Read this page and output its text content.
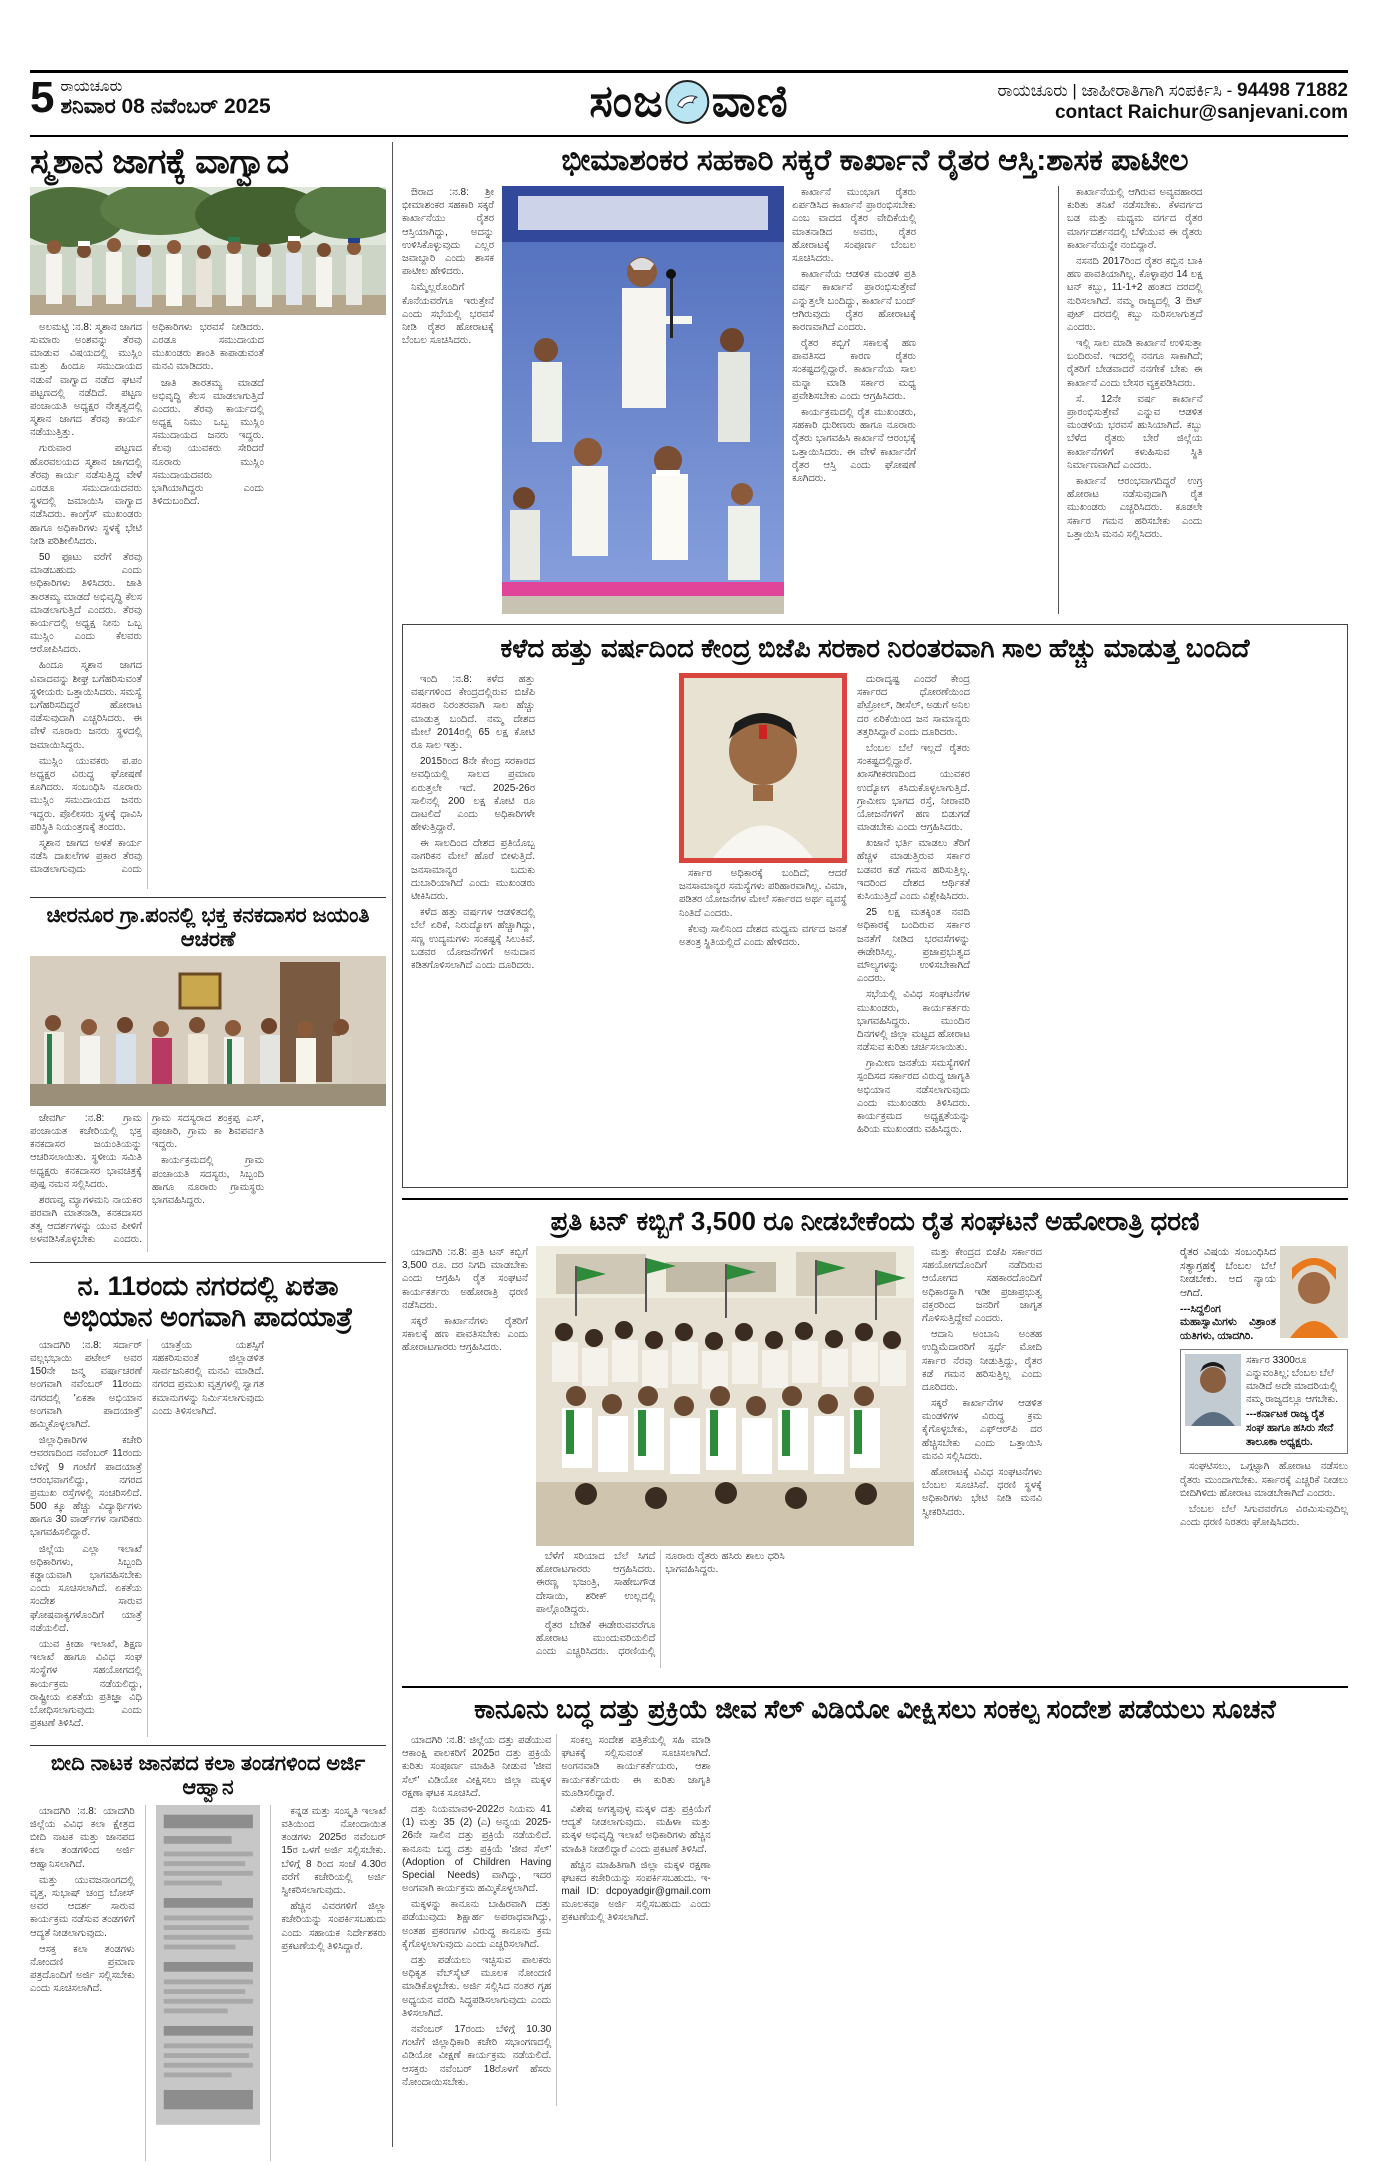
5 ರಾಯಚೂರು
ಶನಿವಾರ 08 ನವೆಂಬರ್ 2025	ಸಂಜ ವಾಣಿ	ರಾಯಚೂರು | ಜಾಹೀರಾತಿಗಾಗಿ ಸಂಪರ್ಕಿಸಿ - 94498 71882
contact Raichur@sanjevani.com
ಸ್ಮಶಾನ ಜಾಗಕ್ಕೆ ವಾಗ್ವಾದ

ಅಲಮಟ್ಟಿ :ನ.8: ಸ್ಮಶಾನ ಜಾಗದ ಸುಮಾರು ಅಂಶವನ್ನು ತೆರವು ಮಾಡುವ ವಿಷಯದಲ್ಲಿ ಮುಸ್ಲಿಂ ಮತ್ತು ಹಿಂದೂ ಸಮುದಾಯದ ನಡುವೆ ವಾಗ್ವಾದ ನಡೆದ ಘಟನೆ ಪಟ್ಟಣದಲ್ಲಿ ನಡೆದಿದೆ. ಪಟ್ಟಣ ಪಂಚಾಯತಿ ಅಧ್ಯಕ್ಷರ ನೇತೃತ್ವದಲ್ಲಿ ಸ್ಮಶಾನ ಜಾಗದ ತೆರವು ಕಾರ್ಯ ನಡೆಯುತ್ತಿತ್ತು.

ಗುರುವಾರ ಪಟ್ಟಣದ ಹೊರವಲಯದ ಸ್ಮಶಾನ ಜಾಗದಲ್ಲಿ ತೆರವು ಕಾರ್ಯ ನಡೆಸುತ್ತಿದ್ದ ವೇಳೆ ಎರಡೂ ಸಮುದಾಯದವರು ಸ್ಥಳದಲ್ಲಿ ಜಮಾಯಿಸಿ ವಾಗ್ವಾದ ನಡೆಸಿದರು. ಕಾಂಗ್ರೆಸ್ ಮುಖಂಡರು ಹಾಗೂ ಅಧಿಕಾರಿಗಳು ಸ್ಥಳಕ್ಕೆ ಭೇಟಿ ನೀಡಿ ಪರಿಶೀಲಿಸಿದರು.

50 ಫೂಟು ವರೆಗೆ ತೆರವು ಮಾಡಬಹುದು ಎಂದು ಅಧಿಕಾರಿಗಳು ತಿಳಿಸಿದರು. ಜಾತಿ ತಾರತಮ್ಯ ಮಾಡದೆ ಅಭಿವೃದ್ಧಿ ಕೆಲಸ ಮಾಡಲಾಗುತ್ತಿದೆ ಎಂದರು. ತೆರವು ಕಾರ್ಯದಲ್ಲಿ ಅಧ್ಯಕ್ಷ ನೀನು ಒಬ್ಬ ಮುಸ್ಲಿಂ ಎಂದು ಕೆಲವರು ಆರೋಪಿಸಿದರು.

ಹಿಂದೂ ಸ್ಮಶಾನ ಜಾಗದ ವಿವಾದವನ್ನು ಶೀಘ್ರ ಬಗೆಹರಿಸುವಂತೆ ಸ್ಥಳೀಯರು ಒತ್ತಾಯಿಸಿದರು. ಸಮಸ್ಯೆ ಬಗೆಹರಿಸದಿದ್ದರೆ ಹೋರಾಟ ನಡೆಸುವುದಾಗಿ ಎಚ್ಚರಿಸಿದರು. ಈ ವೇಳೆ ನೂರಾರು ಜನರು ಸ್ಥಳದಲ್ಲಿ ಜಮಾಯಿಸಿದ್ದರು.

ಮುಸ್ಲಿಂ ಯುವಕರು ಪ.ಪಂ ಅಧ್ಯಕ್ಷರ ವಿರುದ್ಧ ಘೋಷಣೆ ಕೂಗಿದರು. ಸಂಬಂಧಿಸಿ ನೂರಾರು ಮುಸ್ಲಿಂ ಸಮುದಾಯದ ಜನರು ಇದ್ದರು. ಪೊಲೀಸರು ಸ್ಥಳಕ್ಕೆ ಧಾವಿಸಿ ಪರಿಸ್ಥಿತಿ ನಿಯಂತ್ರಣಕ್ಕೆ ತಂದರು.

ಸ್ಮಶಾನ ಜಾಗದ ಅಳತೆ ಕಾರ್ಯ ನಡೆಸಿ ದಾಖಲೆಗಳ ಪ್ರಕಾರ ತೆರವು ಮಾಡಲಾಗುವುದು ಎಂದು ಅಧಿಕಾರಿಗಳು ಭರವಸೆ ನೀಡಿದರು. ಎರಡೂ ಸಮುದಾಯದ ಮುಖಂಡರು ಶಾಂತಿ ಕಾಪಾಡುವಂತೆ ಮನವಿ ಮಾಡಿದರು.

ಜಾತಿ ತಾರತಮ್ಯ ಮಾಡದೆ ಅಭಿವೃದ್ಧಿ ಕೆಲಸ ಮಾಡಲಾಗುತ್ತಿದೆ ಎಂದರು. ತೆರವು ಕಾರ್ಯದಲ್ಲಿ ಅಧ್ಯಕ್ಷ ನಿಮು ಒಬ್ಬ ಮುಸ್ಲಿಂ ಸಮುದಾಯದ ಜನರು ಇದ್ದರು. ಕೆಲವು ಯುವಕರು ಸೇರಿದರೆ ನೂರಾರು ಮುಸ್ಲಿಂ ಸಮುದಾಯದವರು ಭಾಗಿಯಾಗಿದ್ದರು ಎಂದು ತಿಳಿದುಬಂದಿದೆ.

ಚೀರನೂರ ಗ್ರಾ.ಪಂನಲ್ಲಿ ಭಕ್ತ ಕನಕದಾಸರ ಜಯಂತಿ ಆಚರಣೆ

ಜೇವರ್ಗಿ :ನ.8: ಗ್ರಾಮ ಪಂಚಾಯತ ಕಚೇರಿಯಲ್ಲಿ ಭಕ್ತ ಕನಕದಾಸರ ಜಯಂತಿಯನ್ನು ಆಚರಿಸಲಾಯಿತು. ಸ್ಥಳೀಯ ಸಮಿತಿ ಅಧ್ಯಕ್ಷರು ಕನಕದಾಸರ ಭಾವಚಿತ್ರಕ್ಕೆ ಪುಷ್ಪ ನಮನ ಸಲ್ಲಿಸಿದರು.

ಶರಣವ್ವ ಮ್ಯಾಗಳಮನಿ ನಾಯಕರ ಪರವಾಗಿ ಮಾತನಾಡಿ, ಕನಕದಾಸರ ತತ್ವ ಆದರ್ಶಗಳನ್ನು ಯುವ ಪೀಳಿಗೆ ಅಳವಡಿಸಿಕೊಳ್ಳಬೇಕು ಎಂದರು. ಗ್ರಾಮ ಸದಸ್ಯರಾದ ಶಂಕ್ರಪ್ಪ ಎಸ್, ಪೂಜಾರಿ, ಗ್ರಾಮ ಕಾ ಶಿವಪರ್ವತಿ ಇದ್ದರು.

ಕಾರ್ಯಕ್ರಮದಲ್ಲಿ ಗ್ರಾಮ ಪಂಚಾಯತಿ ಸದಸ್ಯರು, ಸಿಬ್ಬಂದಿ ಹಾಗೂ ನೂರಾರು ಗ್ರಾಮಸ್ಥರು ಭಾಗವಹಿಸಿದ್ದರು.

ನ. 11ರಂದು ನಗರದಲ್ಲಿ ಏಕತಾ ಅಭಿಯಾನ ಅಂಗವಾಗಿ ಪಾದಯಾತ್ರೆ

ಯಾದಗಿರಿ :ನ.8: ಸರ್ದಾರ್ ವಲ್ಲಭಭಾಯಿ ಪಟೇಲ್ ಅವರ 150ನೇ ಜನ್ಮ ವರ್ಷಾಚರಣೆ ಅಂಗವಾಗಿ ನವೆಂಬರ್ 11ರಂದು ನಗರದಲ್ಲಿ 'ಏಕತಾ ಅಭಿಯಾನ ಅಂಗವಾಗಿ ಪಾದಯಾತ್ರೆ' ಹಮ್ಮಿಕೊಳ್ಳಲಾಗಿದೆ.

ಜಿಲ್ಲಾಧಿಕಾರಿಗಳ ಕಚೇರಿ ಆವರಣದಿಂದ ನವೆಂಬರ್ 11ರಂದು ಬೆಳಿಗ್ಗೆ 9 ಗಂಟೆಗೆ ಪಾದಯಾತ್ರೆ ಆರಂಭವಾಗಲಿದ್ದು, ನಗರದ ಪ್ರಮುಖ ರಸ್ತೆಗಳಲ್ಲಿ ಸಂಚರಿಸಲಿದೆ. 500 ಕ್ಕೂ ಹೆಚ್ಚು ವಿದ್ಯಾರ್ಥಿಗಳು ಹಾಗೂ 30 ವಾರ್ಡ್‌ಗಳ ನಾಗರಿಕರು ಭಾಗವಹಿಸಲಿದ್ದಾರೆ.

ಜಿಲ್ಲೆಯ ಎಲ್ಲಾ ಇಲಾಖೆ ಅಧಿಕಾರಿಗಳು, ಸಿಬ್ಬಂದಿ ಕಡ್ಡಾಯವಾಗಿ ಭಾಗವಹಿಸಬೇಕು ಎಂದು ಸೂಚಿಸಲಾಗಿದೆ. ಏಕತೆಯ ಸಂದೇಶ ಸಾರುವ ಘೋಷವಾಕ್ಯಗಳೊಂದಿಗೆ ಯಾತ್ರೆ ನಡೆಯಲಿದೆ.

ಯುವ ಕ್ರೀಡಾ ಇಲಾಖೆ, ಶಿಕ್ಷಣ ಇಲಾಖೆ ಹಾಗೂ ವಿವಿಧ ಸಂಘ ಸಂಸ್ಥೆಗಳ ಸಹಯೋಗದಲ್ಲಿ ಕಾರ್ಯಕ್ರಮ ನಡೆಯಲಿದ್ದು, ರಾಷ್ಟ್ರೀಯ ಏಕತೆಯ ಪ್ರತಿಜ್ಞಾ ವಿಧಿ ಬೋಧಿಸಲಾಗುವುದು ಎಂದು ಪ್ರಕಟಣೆ ತಿಳಿಸಿದೆ.

ಯಾತ್ರೆಯ ಯಶಸ್ಸಿಗೆ ಸಹಕರಿಸುವಂತೆ ಜಿಲ್ಲಾಡಳಿತ ಸಾರ್ವಜನಿಕರಲ್ಲಿ ಮನವಿ ಮಾಡಿದೆ. ನಗರದ ಪ್ರಮುಖ ವೃತ್ತಗಳಲ್ಲಿ ಸ್ವಾಗತ ಕಮಾನುಗಳನ್ನು ನಿರ್ಮಿಸಲಾಗುವುದು ಎಂದು ತಿಳಿಸಲಾಗಿದೆ.

ಬೀದಿ ನಾಟಕ ಜಾನಪದ ಕಲಾ ತಂಡಗಳಿಂದ ಅರ್ಜಿ ಆಹ್ವಾನ

ಯಾದಗಿರಿ :ನ.8: ಯಾದಗಿರಿ ಜಿಲ್ಲೆಯ ವಿವಿಧ ಕಲಾ ಕ್ಷೇತ್ರದ ಬೀದಿ ನಾಟಕ ಮತ್ತು ಜಾನಪದ ಕಲಾ ತಂಡಗಳಿಂದ ಅರ್ಜಿ ಆಹ್ವಾನಿಸಲಾಗಿದೆ.

ಮತ್ತು ಯುವಜನಾಂಗದಲ್ಲಿ ವೃತ್ತ, ಸುಭಾಷ್ ಚಂದ್ರ ಬೋಸ್ ಅವರ ಆದರ್ಶ ಸಾರುವ ಕಾರ್ಯಕ್ರಮ ನಡೆಸುವ ತಂಡಗಳಿಗೆ ಆದ್ಯತೆ ನೀಡಲಾಗುವುದು.

ಆಸಕ್ತ ಕಲಾ ತಂಡಗಳು ನೋಂದಣಿ ಪ್ರಮಾಣ ಪತ್ರದೊಂದಿಗೆ ಅರ್ಜಿ ಸಲ್ಲಿಸಬೇಕು ಎಂದು ಸೂಚಿಸಲಾಗಿದೆ.

ಕನ್ನಡ ಮತ್ತು ಸಂಸ್ಕೃತಿ ಇಲಾಖೆ ವತಿಯಿಂದ ನೋಂದಾಯಿತ ತಂಡಗಳು 2025ರ ನವೆಂಬರ್ 15ರ ಒಳಗೆ ಅರ್ಜಿ ಸಲ್ಲಿಸಬೇಕು. ಬೆಳಿಗ್ಗೆ 8 ರಿಂದ ಸಂಜೆ 4.30ರ ವರೆಗೆ ಕಚೇರಿಯಲ್ಲಿ ಅರ್ಜಿ ಸ್ವೀಕರಿಸಲಾಗುವುದು.

ಹೆಚ್ಚಿನ ವಿವರಗಳಿಗೆ ಜಿಲ್ಲಾ ಕಚೇರಿಯನ್ನು ಸಂಪರ್ಕಿಸಬಹುದು ಎಂದು ಸಹಾಯಕ ನಿರ್ದೇಶಕರು ಪ್ರಕಟಣೆಯಲ್ಲಿ ತಿಳಿಸಿದ್ದಾರೆ.

ಭೀಮಾಶಂಕರ ಸಹಕಾರಿ ಸಕ್ಕರೆ ಕಾರ್ಖಾನೆ ರೈತರ ಆಸ್ತಿ:ಶಾಸಕ ಪಾಟೀಲ

ಔರಾದ :ನ.8: ಶ್ರೀ ಭೀಮಾಶಂಕರ ಸಹಕಾರಿ ಸಕ್ಕರೆ ಕಾರ್ಖಾನೆಯು ರೈತರ ಆಸ್ತಿಯಾಗಿದ್ದು, ಅದನ್ನು ಉಳಿಸಿಕೊಳ್ಳುವುದು ಎಲ್ಲರ ಜವಾಬ್ದಾರಿ ಎಂದು ಶಾಸಕ ಪಾಟೀಲ ಹೇಳಿದರು.

ನಿಮ್ಮೆಲ್ಲರೊಂದಿಗೆ ಕೊನೆಯವರೆಗೂ ಇರುತ್ತೇನೆ ಎಂದು ಸಭೆಯಲ್ಲಿ ಭರವಸೆ ನೀಡಿ ರೈತರ ಹೋರಾಟಕ್ಕೆ ಬೆಂಬಲ ಸೂಚಿಸಿದರು.

ಕಾರ್ಖಾನೆ ಮುಂಭಾಗ ರೈತರು ಏರ್ಪಡಿಸಿದ ಕಾರ್ಖಾನೆ ಪ್ರಾರಂಭಿಸಬೇಕು ಎಂಬ ವಾದದ ರೈತರ ವೇದಿಕೆಯಲ್ಲಿ ಮಾತನಾಡಿದ ಅವರು, ರೈತರ ಹೋರಾಟಕ್ಕೆ ಸಂಪೂರ್ಣ ಬೆಂಬಲ ಸೂಚಿಸಿದರು.

ಕಾರ್ಖಾನೆಯ ಆಡಳಿತ ಮಂಡಳಿ ಪ್ರತಿ ವರ್ಷ ಕಾರ್ಖಾನೆ ಪ್ರಾರಂಭಿಸುತ್ತೇವೆ ಎನ್ನುತ್ತಲೇ ಬಂದಿದ್ದು, ಕಾರ್ಖಾನೆ ಬಂದ್ ಆಗಿರುವುದು ರೈತರ ಹೋರಾಟಕ್ಕೆ ಕಾರಣವಾಗಿದೆ ಎಂದರು.

ರೈತರ ಕಬ್ಬಿಗೆ ಸಕಾಲಕ್ಕೆ ಹಣ ಪಾವತಿಸದ ಕಾರಣ ರೈತರು ಸಂಕಷ್ಟದಲ್ಲಿದ್ದಾರೆ. ಕಾರ್ಖಾನೆಯ ಸಾಲ ಮನ್ನಾ ಮಾಡಿ ಸರ್ಕಾರ ಮಧ್ಯ ಪ್ರವೇಶಿಸಬೇಕು ಎಂದು ಆಗ್ರಹಿಸಿದರು.

ಕಾರ್ಯಕ್ರಮದಲ್ಲಿ ರೈತ ಮುಖಂಡರು, ಸಹಕಾರಿ ಧುರೀಣರು ಹಾಗೂ ನೂರಾರು ರೈತರು ಭಾಗವಹಿಸಿ ಕಾರ್ಖಾನೆ ಆರಂಭಕ್ಕೆ ಒತ್ತಾಯಿಸಿದರು. ಈ ವೇಳೆ ಕಾರ್ಖಾನೆಗೆ ರೈತರ ಆಸ್ತಿ ಎಂದು ಘೋಷಣೆ ಕೂಗಿದರು.

ಕಾರ್ಖಾನೆಯಲ್ಲಿ ಆಗಿರುವ ಅವ್ಯವಹಾರದ ಕುರಿತು ತನಿಖೆ ನಡೆಸಬೇಕು. ಕೆಳವರ್ಗದ ಬಡ ಮತ್ತು ಮಧ್ಯಮ ವರ್ಗದ ರೈತರ ಮಾರ್ಗದರ್ಶನದಲ್ಲಿ ಬೆಳೆಯುವ ಈ ರೈತರು ಕಾರ್ಖಾನೆಯನ್ನೇ ನಂಬಿದ್ದಾರೆ.

ನಸನದಿ 2017ರಿಂದ ರೈತರ ಕಬ್ಬಿನ ಬಾಕಿ ಹಣ ಪಾವತಿಯಾಗಿಲ್ಲ. ಕೊಳ್ಳಾಪುರ 14 ಲಕ್ಷ ಟನ್ ಕಬ್ಬು, 11-1+2 ಹಂತದ ದರದಲ್ಲಿ ನುರಿಸಲಾಗಿದೆ. ನಮ್ಮ ರಾಜ್ಯದಲ್ಲಿ 3 ಔಟ್ ಪುಟ್ ದರದಲ್ಲಿ ಕಬ್ಬು ನುರಿಸಲಾಗುತ್ತದೆ ಎಂದರು.

ಇಲ್ಲಿ ಸಾಲ ಮಾಡಿ ಕಾರ್ಖಾನೆ ಉಳಿಸುತ್ತಾ ಬಂದಿರುವೆ. ಇದರಲ್ಲಿ ನನಗೂ ಸಾಕಾಗಿದೆ; ರೈತರಿಗೆ ಬೇಡವಾದರೆ ನನಗೇಕೆ ಬೇಕು ಈ ಕಾರ್ಖಾನೆ ಎಂದು ಬೇಸರ ವ್ಯಕ್ತಪಡಿಸಿದರು.

ಸೆ. 12ನೇ ವರ್ಷ ಕಾರ್ಖಾನೆ ಪ್ರಾರಂಭಿಸುತ್ತೇವೆ ಎನ್ನುವ ಆಡಳಿತ ಮಂಡಳಿಯ ಭರವಸೆ ಹುಸಿಯಾಗಿದೆ. ಕಬ್ಬು ಬೆಳೆದ ರೈತರು ಬೇರೆ ಜಿಲ್ಲೆಯ ಕಾರ್ಖಾನೆಗಳಿಗೆ ಕಳುಹಿಸುವ ಸ್ಥಿತಿ ನಿರ್ಮಾಣವಾಗಿದೆ ಎಂದರು.

ಕಾರ್ಖಾನೆ ಆರಂಭವಾಗದಿದ್ದರೆ ಉಗ್ರ ಹೋರಾಟ ನಡೆಸುವುದಾಗಿ ರೈತ ಮುಖಂಡರು ಎಚ್ಚರಿಸಿದರು. ಕೂಡಲೇ ಸರ್ಕಾರ ಗಮನ ಹರಿಸಬೇಕು ಎಂದು ಒತ್ತಾಯಿಸಿ ಮನವಿ ಸಲ್ಲಿಸಿದರು.

ಕಳೆದ ಹತ್ತು ವರ್ಷದಿಂದ ಕೇಂದ್ರ ಬಿಜೆಪಿ ಸರಕಾರ ನಿರಂತರವಾಗಿ ಸಾಲ ಹೆಚ್ಚು ಮಾಡುತ್ತ ಬಂದಿದೆ

ಇಂದಿ :ನ.8: ಕಳೆದ ಹತ್ತು ವರ್ಷಗಳಿಂದ ಕೇಂದ್ರದಲ್ಲಿರುವ ಬಿಜೆಪಿ ಸರಕಾರ ನಿರಂತರವಾಗಿ ಸಾಲ ಹೆಚ್ಚು ಮಾಡುತ್ತ ಬಂದಿದೆ. ನಮ್ಮ ದೇಶದ ಮೇಲೆ 2014ರಲ್ಲಿ 65 ಲಕ್ಷ ಕೋಟಿ ರೂ ಸಾಲ ಇತ್ತು.

2015ರಿಂದ 8ನೇ ಕೇಂದ್ರ ಸರಕಾರದ ಅವಧಿಯಲ್ಲಿ ಸಾಲದ ಪ್ರಮಾಣ ಏರುತ್ತಲೇ ಇದೆ. 2025-26ರ ಸಾಲಿನಲ್ಲಿ 200 ಲಕ್ಷ ಕೋಟಿ ರೂ ದಾಟಲಿದೆ ಎಂದು ಅಧಿಕಾರಿಗಳೇ ಹೇಳುತ್ತಿದ್ದಾರೆ.

ಈ ಸಾಲದಿಂದ ದೇಶದ ಪ್ರತಿಯೊಬ್ಬ ನಾಗರಿಕನ ಮೇಲೆ ಹೊರೆ ಬೀಳುತ್ತಿದೆ. ಜನಸಾಮಾನ್ಯರ ಬದುಕು ದುಬಾರಿಯಾಗಿದೆ ಎಂದು ಮುಖಂಡರು ಟೀಕಿಸಿದರು.

ಕಳೆದ ಹತ್ತು ವರ್ಷಗಳ ಆಡಳಿತದಲ್ಲಿ ಬೆಲೆ ಏರಿಕೆ, ನಿರುದ್ಯೋಗ ಹೆಚ್ಚಾಗಿದ್ದು, ಸಣ್ಣ ಉದ್ಯಮಗಳು ಸಂಕಷ್ಟಕ್ಕೆ ಸಿಲುಕಿವೆ. ಬಡವರ ಯೋಜನೆಗಳಿಗೆ ಅನುದಾನ ಕಡಿತಗೊಳಿಸಲಾಗಿದೆ ಎಂದು ದೂರಿದರು.

ಸರ್ಕಾರ ಅಧಿಕಾರಕ್ಕೆ ಬಂದಿದೆ; ಆದರೆ ಜನಸಾಮಾನ್ಯರ ಸಮಸ್ಯೆಗಳು ಪರಿಹಾರವಾಗಿಲ್ಲ. ವಿಮಾ, ಪಡಿತರ ಯೋಜನೆಗಳ ಮೇಲೆ ಸರ್ಕಾರದ ಅರ್ಥ ವ್ಯವಸ್ಥೆ ನಿಂತಿದೆ ಎಂದರು.

ಕೆಲವು ಸಾಲಿನಿಂದ ದೇಶದ ಮಧ್ಯಮ ವರ್ಗದ ಜನತೆ ಅತಂತ್ರ ಸ್ಥಿತಿಯಲ್ಲಿದೆ ಎಂದು ಹೇಳಿದರು.

ದುರಾದೃಷ್ಟ ಎಂದರೆ ಕೇಂದ್ರ ಸರ್ಕಾರದ ಧೋರಣೆಯಿಂದ ಪೆಟ್ರೋಲ್, ಡೀಸೆಲ್, ಅಡುಗೆ ಅನಿಲ ದರ ಏರಿಕೆಯಿಂದ ಜನ ಸಾಮಾನ್ಯರು ತತ್ತರಿಸಿದ್ದಾರೆ ಎಂದು ದೂರಿದರು.

ಬೆಂಬಲ ಬೆಲೆ ಇಲ್ಲದೆ ರೈತರು ಸಂಕಷ್ಟದಲ್ಲಿದ್ದಾರೆ. ಖಾಸಗೀಕರಣದಿಂದ ಯುವಕರ ಉದ್ಯೋಗ ಕಸಿದುಕೊಳ್ಳಲಾಗುತ್ತಿದೆ. ಗ್ರಾಮೀಣ ಭಾಗದ ರಸ್ತೆ, ನೀರಾವರಿ ಯೋಜನೆಗಳಿಗೆ ಹಣ ಬಿಡುಗಡೆ ಮಾಡಬೇಕು ಎಂದು ಆಗ್ರಹಿಸಿದರು.

ಖಜಾನೆ ಭರ್ತಿ ಮಾಡಲು ತೆರಿಗೆ ಹೆಚ್ಚಳ ಮಾಡುತ್ತಿರುವ ಸರ್ಕಾರ ಬಡವರ ಕಡೆ ಗಮನ ಹರಿಸುತ್ತಿಲ್ಲ. ಇದರಿಂದ ದೇಶದ ಆರ್ಥಿಕತೆ ಕುಸಿಯುತ್ತಿದೆ ಎಂದು ವಿಶ್ಲೇಷಿಸಿದರು.

25 ಲಕ್ಷ ಮತಕ್ಕಿಂತ ನವದಿ ಅಧಿಕಾರಕ್ಕೆ ಬಂದಿರುವ ಸರ್ಕಾರ ಜನತೆಗೆ ನೀಡಿದ ಭರವಸೆಗಳನ್ನು ಈಡೇರಿಸಿಲ್ಲ. ಪ್ರಜಾಪ್ರಭುತ್ವದ ಮೌಲ್ಯಗಳನ್ನು ಉಳಿಸಬೇಕಾಗಿದೆ ಎಂದರು.

ಸಭೆಯಲ್ಲಿ ವಿವಿಧ ಸಂಘಟನೆಗಳ ಮುಖಂಡರು, ಕಾರ್ಯಕರ್ತರು ಭಾಗವಹಿಸಿದ್ದರು. ಮುಂದಿನ ದಿನಗಳಲ್ಲಿ ಜಿಲ್ಲಾ ಮಟ್ಟದ ಹೋರಾಟ ನಡೆಸುವ ಕುರಿತು ಚರ್ಚಿಸಲಾಯಿತು.

ಗ್ರಾಮೀಣ ಜನತೆಯ ಸಮಸ್ಯೆಗಳಿಗೆ ಸ್ಪಂದಿಸದ ಸರ್ಕಾರದ ವಿರುದ್ಧ ಜಾಗೃತಿ ಅಭಿಯಾನ ನಡೆಸಲಾಗುವುದು ಎಂದು ಮುಖಂಡರು ತಿಳಿಸಿದರು. ಕಾರ್ಯಕ್ರಮದ ಅಧ್ಯಕ್ಷತೆಯನ್ನು ಹಿರಿಯ ಮುಖಂಡರು ವಹಿಸಿದ್ದರು.

ಪ್ರತಿ ಟನ್ ಕಬ್ಬಿಗೆ 3,500 ರೂ ನೀಡಬೇಕೆಂದು ರೈತ ಸಂಘಟನೆ ಅಹೋರಾತ್ರಿ ಧರಣಿ

ಯಾದಗಿರಿ :ನ.8: ಪ್ರತಿ ಟನ್ ಕಬ್ಬಿಗೆ 3,500 ರೂ. ದರ ನಿಗದಿ ಮಾಡಬೇಕು ಎಂದು ಆಗ್ರಹಿಸಿ ರೈತ ಸಂಘಟನೆ ಕಾರ್ಯಕರ್ತರು ಅಹೋರಾತ್ರಿ ಧರಣಿ ನಡೆಸಿದರು.

ಸಕ್ಕರೆ ಕಾರ್ಖಾನೆಗಳು ರೈತರಿಗೆ ಸಕಾಲಕ್ಕೆ ಹಣ ಪಾವತಿಸಬೇಕು ಎಂದು ಹೋರಾಟಗಾರರು ಆಗ್ರಹಿಸಿದರು.

ಬೆಳೆಗೆ ಸರಿಯಾದ ಬೆಲೆ ಸಿಗದೆ ಹೋರಾಟಗಾರರು ಆಗ್ರಹಿಸಿದರು. ಈರಣ್ಣ ಭಜಂತ್ರಿ, ಸಾಹೇಬಗೌಡ ದೇಸಾಯಿ, ಶರೀಕ್ ಉಲ್ಲದಲ್ಲಿ ಪಾಲ್ಗೊಂಡಿದ್ದರು.

ರೈತರ ಬೇಡಿಕೆ ಈಡೇರುವವರೆಗೂ ಹೋರಾಟ ಮುಂದುವರಿಯಲಿದೆ ಎಂದು ಎಚ್ಚರಿಸಿದರು. ಧರಣಿಯಲ್ಲಿ ನೂರಾರು ರೈತರು ಹಸಿರು ಶಾಲು ಧರಿಸಿ ಭಾಗವಹಿಸಿದ್ದರು.

ಮತ್ತು ಕೇಂದ್ರದ ಬಿಜೆಪಿ ಸರ್ಕಾರದ ಸಹಯೋಗದೊಂದಿಗೆ ನಡೆದಿರುವ ಆಯೋಗದ ಸಹಕಾರದೊಂದಿಗೆ ಅಧಿಕಾರಸ್ಥಾಗಿ ಇಡೀ ಪ್ರಜಾಪ್ರಭುತ್ವ ವಕ್ತರರಿಂದ ಜನರಿಗೆ ಜಾಗೃತ ಗೊಳಿಸುತ್ತಿದ್ದೇವೆ ಎಂದರು.

ಆದಾನಿ ಅಂಬಾನಿ ಅಂತಹ ಉದ್ದಿಮೆದಾರರಿಗೆ ಸ್ಪರ್ಧೆ ಮೋದಿ ಸರ್ಕಾರ ನೆರವು ನೀಡುತ್ತಿದ್ದು, ರೈತರ ಕಡೆ ಗಮನ ಹರಿಸುತ್ತಿಲ್ಲ ಎಂದು ದೂರಿದರು.

ಸಕ್ಕರೆ ಕಾರ್ಖಾನೆಗಳ ಆಡಳಿತ ಮಂಡಳಿಗಳ ವಿರುದ್ಧ ಕ್ರಮ ಕೈಗೊಳ್ಳಬೇಕು, ಎಫ್‌ಆರ್‌ಪಿ ದರ ಹೆಚ್ಚಿಸಬೇಕು ಎಂದು ಒತ್ತಾಯಿಸಿ ಮನವಿ ಸಲ್ಲಿಸಿದರು.

ಹೋರಾಟಕ್ಕೆ ವಿವಿಧ ಸಂಘಟನೆಗಳು ಬೆಂಬಲ ಸೂಚಿಸಿವೆ. ಧರಣಿ ಸ್ಥಳಕ್ಕೆ ಅಧಿಕಾರಿಗಳು ಭೇಟಿ ನೀಡಿ ಮನವಿ ಸ್ವೀಕರಿಸಿದರು.

ರೈತರ ವಿಷಯ ಸಂಬಂಧಿಸಿದ ಸತ್ಯಾಗ್ರಹಕ್ಕೆ ಬೆಂಬಲ ಬೆಲೆ ನೀಡಬೇಕು. ಅದ ನ್ಯಾಯ ಆಗಿದೆ.
---ಸಿದ್ದಲಿಂಗ ಮಹಾಸ್ವಾಮಿಗಳು ವಿಶ್ರಾಂತ ಯತಿಗಳು, ಯಾದಗಿರಿ.
ಸರ್ಕಾರ 3300ರೂ ಎನ್ನುವಂತಿಲ್ಲ; ಬೆಂಬಲ ಬೆಲೆ ಮಾಡಿದೆ ಅದೇ ಮಾದರಿಯಲ್ಲಿ ನಮ್ಮ ರಾಜ್ಯದಲ್ಲೂ ಆಗಬೇಕು.
---ಕರ್ನಾಟಕ ರಾಜ್ಯ ರೈತ ಸಂಘ ಹಾಗೂ ಹಸಿರು ಸೇನೆ ತಾಲೂಕಾ ಅಧ್ಯಕ್ಷರು.

ಸಂಘಟಿಸಲು, ಒಗ್ಗಟ್ಟಾಗಿ ಹೋರಾಟ ನಡೆಸಲು ರೈತರು ಮುಂದಾಗಬೇಕು. ಸರ್ಕಾರಕ್ಕೆ ಎಚ್ಚರಿಕೆ ನೀಡಲು ಬೀದಿಗಿಳಿದು ಹೋರಾಟ ಮಾಡಬೇಕಾಗಿದೆ ಎಂದರು.

ಬೆಂಬಲ ಬೆಲೆ ಸಿಗುವವರೆಗೂ ವಿರಮಿಸುವುದಿಲ್ಲ ಎಂದು ಧರಣಿ ನಿರತರು ಘೋಷಿಸಿದರು.

ಕಾನೂನು ಬದ್ಧ ದತ್ತು ಪ್ರಕ್ರಿಯೆ ಜೀವ ಸೆಲ್ ವಿಡಿಯೋ ವೀಕ್ಷಿಸಲು ಸಂಕಲ್ಪ ಸಂದೇಶ ಪಡೆಯಲು ಸೂಚನೆ

ಯಾದಗಿರಿ :ನ.8: ಜಿಲ್ಲೆಯ ದತ್ತು ಪಡೆಯುವ ಆಕಾಂಕ್ಷಿ ಪಾಲಕರಿಗೆ 2025ರ ದತ್ತು ಪ್ರಕ್ರಿಯೆ ಕುರಿತು ಸಂಪೂರ್ಣ ಮಾಹಿತಿ ನೀಡುವ 'ಜೀವ ಸೆಲ್' ವಿಡಿಯೋ ವೀಕ್ಷಿಸಲು ಜಿಲ್ಲಾ ಮಕ್ಕಳ ರಕ್ಷಣಾ ಘಟಕ ಸೂಚಿಸಿದೆ.

ದತ್ತು ನಿಯಮಾವಳಿ-2022ರ ನಿಯಮ 41 (1) ಮತ್ತು 35 (2) (ಎ) ಅನ್ವಯ 2025-26ನೇ ಸಾಲಿನ ದತ್ತು ಪ್ರಕ್ರಿಯೆ ನಡೆಯಲಿದೆ. ಕಾನೂನು ಬದ್ಧ ದತ್ತು ಪ್ರಕ್ರಿಯೆ 'ಜೀವ ಸೆಲ್' (Adoption of Children Having Special Needs) ವಾಗಿದ್ದು, ಇದರ ಅಂಗವಾಗಿ ಕಾರ್ಯಕ್ರಮ ಹಮ್ಮಿಕೊಳ್ಳಲಾಗಿದೆ.

ಮಕ್ಕಳನ್ನು ಕಾನೂನು ಬಾಹಿರವಾಗಿ ದತ್ತು ಪಡೆಯುವುದು ಶಿಕ್ಷಾರ್ಹ ಅಪರಾಧವಾಗಿದ್ದು, ಅಂತಹ ಪ್ರಕರಣಗಳ ವಿರುದ್ಧ ಕಾನೂನು ಕ್ರಮ ಕೈಗೊಳ್ಳಲಾಗುವುದು ಎಂದು ಎಚ್ಚರಿಸಲಾಗಿದೆ.

ದತ್ತು ಪಡೆಯಲು ಇಚ್ಛಿಸುವ ಪಾಲಕರು ಅಧಿಕೃತ ವೆಬ್‌ಸೈಟ್ ಮೂಲಕ ನೋಂದಣಿ ಮಾಡಿಕೊಳ್ಳಬೇಕು. ಅರ್ಜಿ ಸಲ್ಲಿಸಿದ ನಂತರ ಗೃಹ ಅಧ್ಯಯನ ವರದಿ ಸಿದ್ಧಪಡಿಸಲಾಗುವುದು ಎಂದು ತಿಳಿಸಲಾಗಿದೆ.

ನವೆಂಬರ್ 17ರಂದು ಬೆಳಿಗ್ಗೆ 10.30 ಗಂಟೆಗೆ ಜಿಲ್ಲಾಧಿಕಾರಿ ಕಚೇರಿ ಸಭಾಂಗಣದಲ್ಲಿ ವಿಡಿಯೋ ವೀಕ್ಷಣೆ ಕಾರ್ಯಕ್ರಮ ನಡೆಯಲಿದೆ. ಆಸಕ್ತರು ನವೆಂಬರ್ 18ರೊಳಗೆ ಹೆಸರು ನೋಂದಾಯಿಸಬೇಕು.

ಸಂಕಲ್ಪ ಸಂದೇಶ ಪತ್ರಿಕೆಯಲ್ಲಿ ಸಹಿ ಮಾಡಿ ಘಟಕಕ್ಕೆ ಸಲ್ಲಿಸುವಂತೆ ಸೂಚಿಸಲಾಗಿದೆ. ಅಂಗನವಾಡಿ ಕಾರ್ಯಕರ್ತೆಯರು, ಆಶಾ ಕಾರ್ಯಕರ್ತೆಯರು ಈ ಕುರಿತು ಜಾಗೃತಿ ಮೂಡಿಸಲಿದ್ದಾರೆ.

ವಿಶೇಷ ಅಗತ್ಯವುಳ್ಳ ಮಕ್ಕಳ ದತ್ತು ಪ್ರಕ್ರಿಯೆಗೆ ಆದ್ಯತೆ ನೀಡಲಾಗುವುದು. ಮಹಿಳಾ ಮತ್ತು ಮಕ್ಕಳ ಅಭಿವೃದ್ಧಿ ಇಲಾಖೆ ಅಧಿಕಾರಿಗಳು ಹೆಚ್ಚಿನ ಮಾಹಿತಿ ನೀಡಲಿದ್ದಾರೆ ಎಂದು ಪ್ರಕಟಣೆ ತಿಳಿಸಿದೆ.

ಹೆಚ್ಚಿನ ಮಾಹಿತಿಗಾಗಿ ಜಿಲ್ಲಾ ಮಕ್ಕಳ ರಕ್ಷಣಾ ಘಟಕದ ಕಚೇರಿಯನ್ನು ಸಂಪರ್ಕಿಸಬಹುದು. ಇ-mail ID: dcpoyadgir@gmail.com ಮೂಲಕವೂ ಅರ್ಜಿ ಸಲ್ಲಿಸಬಹುದು ಎಂದು ಪ್ರಕಟಣೆಯಲ್ಲಿ ತಿಳಿಸಲಾಗಿದೆ.
